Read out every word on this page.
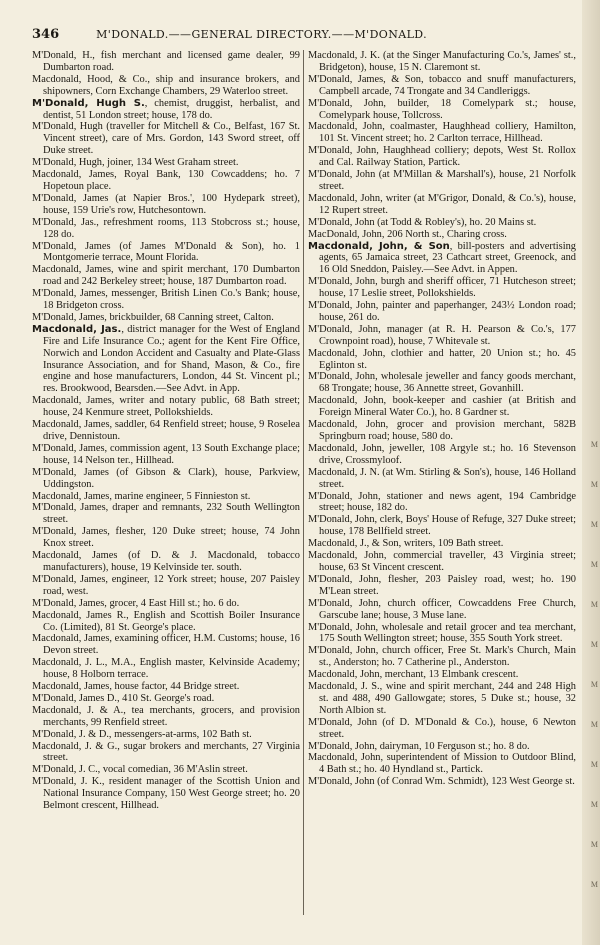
346	M'DONALD.——GENERAL DIRECTORY.——M'DONALD.

M'Donald, H., fish merchant and licensed game dealer, 99 Dumbarton road.

Macdonald, Hood, & Co., ship and insurance brokers, and shipowners, Corn Exchange Chambers, 29 Waterloo street.

M'Donald, Hugh S., chemist, druggist, herbalist, and dentist, 51 London street; house, 178 do.

M'Donald, Hugh (traveller for Mitchell & Co., Belfast, 167 St. Vincent street), care of Mrs. Gordon, 143 Sword street, off Duke street.

M'Donald, Hugh, joiner, 134 West Graham street.

Macdonald, James, Royal Bank, 130 Cowcaddens; ho. 7 Hopetoun place.

M'Donald, James (at Napier Bros.', 100 Hydepark street), house, 159 Urie's row, Hutchesontown.

M'Donald, Jas., refreshment rooms, 113 Stobcross st.; house, 128 do.

M'Donald, James (of James M'Donald & Son), ho. 1 Montgomerie terrace, Mount Florida.

Macdonald, James, wine and spirit merchant, 170 Dumbarton road and 242 Berkeley street; house, 187 Dumbarton road.

M'Donald, James, messenger, British Linen Co.'s Bank; house, 18 Bridgeton cross.

M'Donald, James, brickbuilder, 68 Canning street, Calton.

Macdonald, Jas., district manager for the West of England Fire and Life Insurance Co.; agent for the Kent Fire Office, Norwich and London Accident and Casualty and Plate-Glass Insurance Association, and for Shand, Mason, & Co., fire engine and hose manufacturers, London, 44 St. Vincent pl.; res. Brookwood, Bearsden.—See Advt. in App.

Macdonald, James, writer and notary public, 68 Bath street; house, 24 Kenmure street, Pollokshields.

Macdonald, James, saddler, 64 Renfield street; house, 9 Roselea drive, Dennistoun.

M'Donald, James, commission agent, 13 South Exchange place; house, 14 Nelson ter., Hillhead.

M'Donald, James (of Gibson & Clark), house, Parkview, Uddingston.

Macdonald, James, marine engineer, 5 Finnieston st.

M'Donald, James, draper and remnants, 232 South Wellington street.

M'Donald, James, flesher, 120 Duke street; house, 74 John Knox street.

Macdonald, James (of D. & J. Macdonald, tobacco manufacturers), house, 19 Kelvinside ter. south.

M'Donald, James, engineer, 12 York street; house, 207 Paisley road, west.

M'Donald, James, grocer, 4 East Hill st.; ho. 6 do.

Macdonald, James R., English and Scottish Boiler Insurance Co. (Limited), 81 St. George's place.

Macdonald, James, examining officer, H.M. Customs; house, 16 Devon street.

Macdonald, J. L., M.A., English master, Kelvinside Academy; house, 8 Holborn terrace.

Macdonald, James, house factor, 44 Bridge street.

M'Donald, James D., 410 St. George's road.

Macdonald, J. & A., tea merchants, grocers, and provision merchants, 99 Renfield street.

M'Donald, J. & D., messengers-at-arms, 102 Bath st.

Macdonald, J. & G., sugar brokers and merchants, 27 Virginia street.

M'Donald, J. C., vocal comedian, 36 M'Aslin street.

M'Donald, J. K., resident manager of the Scottish Union and National Insurance Company, 150 West George street; ho. 20 Belmont crescent, Hillhead.

Macdonald, J. K. (at the Singer Manufacturing Co.'s, James' st., Bridgeton), house, 15 N. Claremont st.

M'Donald, James, & Son, tobacco and snuff manufacturers, Campbell arcade, 74 Trongate and 34 Candleriggs.

M'Donald, John, builder, 18 Comelypark st.; house, Comelypark house, Tollcross.

Macdonald, John, coalmaster, Haughhead colliery, Hamilton, 101 St. Vincent street; ho. 2 Carlton terrace, Hillhead.

M'Donald, John, Haughhead colliery; depots, West St. Rollox and Cal. Railway Station, Partick.

M'Donald, John (at M'Millan & Marshall's), house, 21 Norfolk street.

Macdonald, John, writer (at M'Grigor, Donald, & Co.'s), house, 12 Rupert street.

M'Donald, John (at Todd & Robley's), ho. 20 Mains st.

MacDonald, John, 206 North st., Charing cross.

Macdonald, John, & Son, bill-posters and advertising agents, 65 Jamaica street, 23 Cathcart street, Greenock, and 16 Old Sneddon, Paisley.—See Advt. in Appen.

M'Donald, John, burgh and sheriff officer, 71 Hutcheson street; house, 17 Leslie street, Pollokshields.

M'Donald, John, painter and paperhanger, 243½ London road; house, 261 do.

M'Donald, John, manager (at R. H. Pearson & Co.'s, 177 Crownpoint road), house, 7 Whitevale st.

Macdonald, John, clothier and hatter, 20 Union st.; ho. 45 Eglinton st.

M'Donald, John, wholesale jeweller and fancy goods merchant, 68 Trongate; house, 36 Annette street, Govanhill.

Macdonald, John, book-keeper and cashier (at British and Foreign Mineral Water Co.), ho. 8 Gardner st.

Macdonald, John, grocer and provision merchant, 582B Springburn road; house, 580 do.

Macdonald, John, jeweller, 108 Argyle st.; ho. 16 Stevenson drive, Crossmyloof.

Macdonald, J. N. (at Wm. Stirling & Son's), house, 146 Holland street.

M'Donald, John, stationer and news agent, 194 Cambridge street; house, 182 do.

M'Donald, John, clerk, Boys' House of Refuge, 327 Duke street; house, 178 Bellfield street.

Macdonald, J., & Son, writers, 109 Bath street.

Macdonald, John, commercial traveller, 43 Virginia street; house, 63 St Vincent crescent.

M'Donald, John, flesher, 203 Paisley road, west; ho. 190 M'Lean street.

M'Donald, John, church officer, Cowcaddens Free Church, Garscube lane; house, 3 Muse lane.

M'Donald, John, wholesale and retail grocer and tea merchant, 175 South Wellington street; house, 355 South York street.

M'Donald, John, church officer, Free St. Mark's Church, Main st., Anderston; ho. 7 Catherine pl., Anderston.

Macdonald, John, merchant, 13 Elmbank crescent.

Macdonald, J. S., wine and spirit merchant, 244 and 248 High st. and 488, 490 Gallowgate; stores, 5 Duke st.; house, 32 North Albion st.

M'Donald, John (of D. M'Donald & Co.), house, 6 Newton street.

M'Donald, John, dairyman, 10 Ferguson st.; ho. 8 do.

Macdonald, John, superintendent of Mission to Outdoor Blind, 4 Bath st.; ho. 40 Hyndland st., Partick.

M'Donald, John (of Conrad Wm. Schmidt), 123 West George st.

M
M
M
M
M
M
M
M
M
M
M
M
